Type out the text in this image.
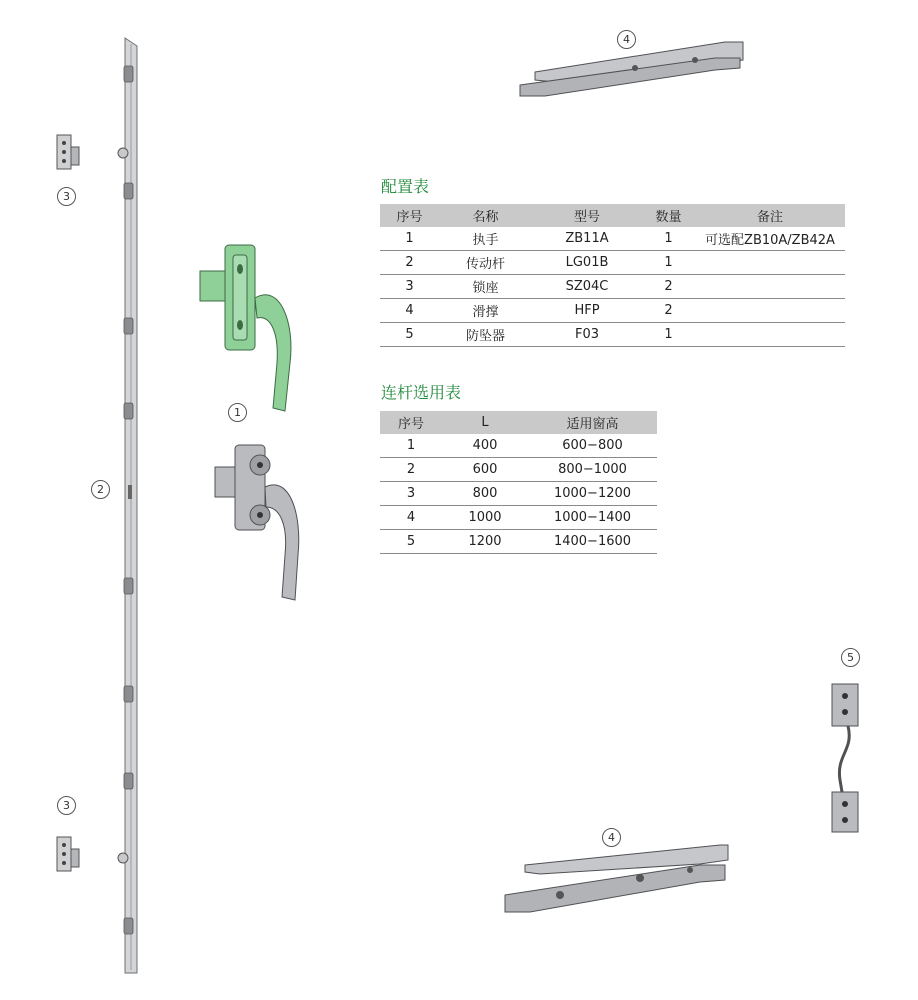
2
3
3
1
4
4
5
配置表
序号	名称	型号	数量	备注
1	执手	ZB11A	1	可选配ZB10A/ZB42A
2	传动杆	LG01B	1	
3	锁座	SZ04C	2	
4	滑撑	HFP	2	
5	防坠器	F03	1	
连杆选用表
序号	L	适用窗高
1	400	600−800
2	600	800−1000
3	800	1000−1200
4	1000	1000−1400
5	1200	1400−1600
